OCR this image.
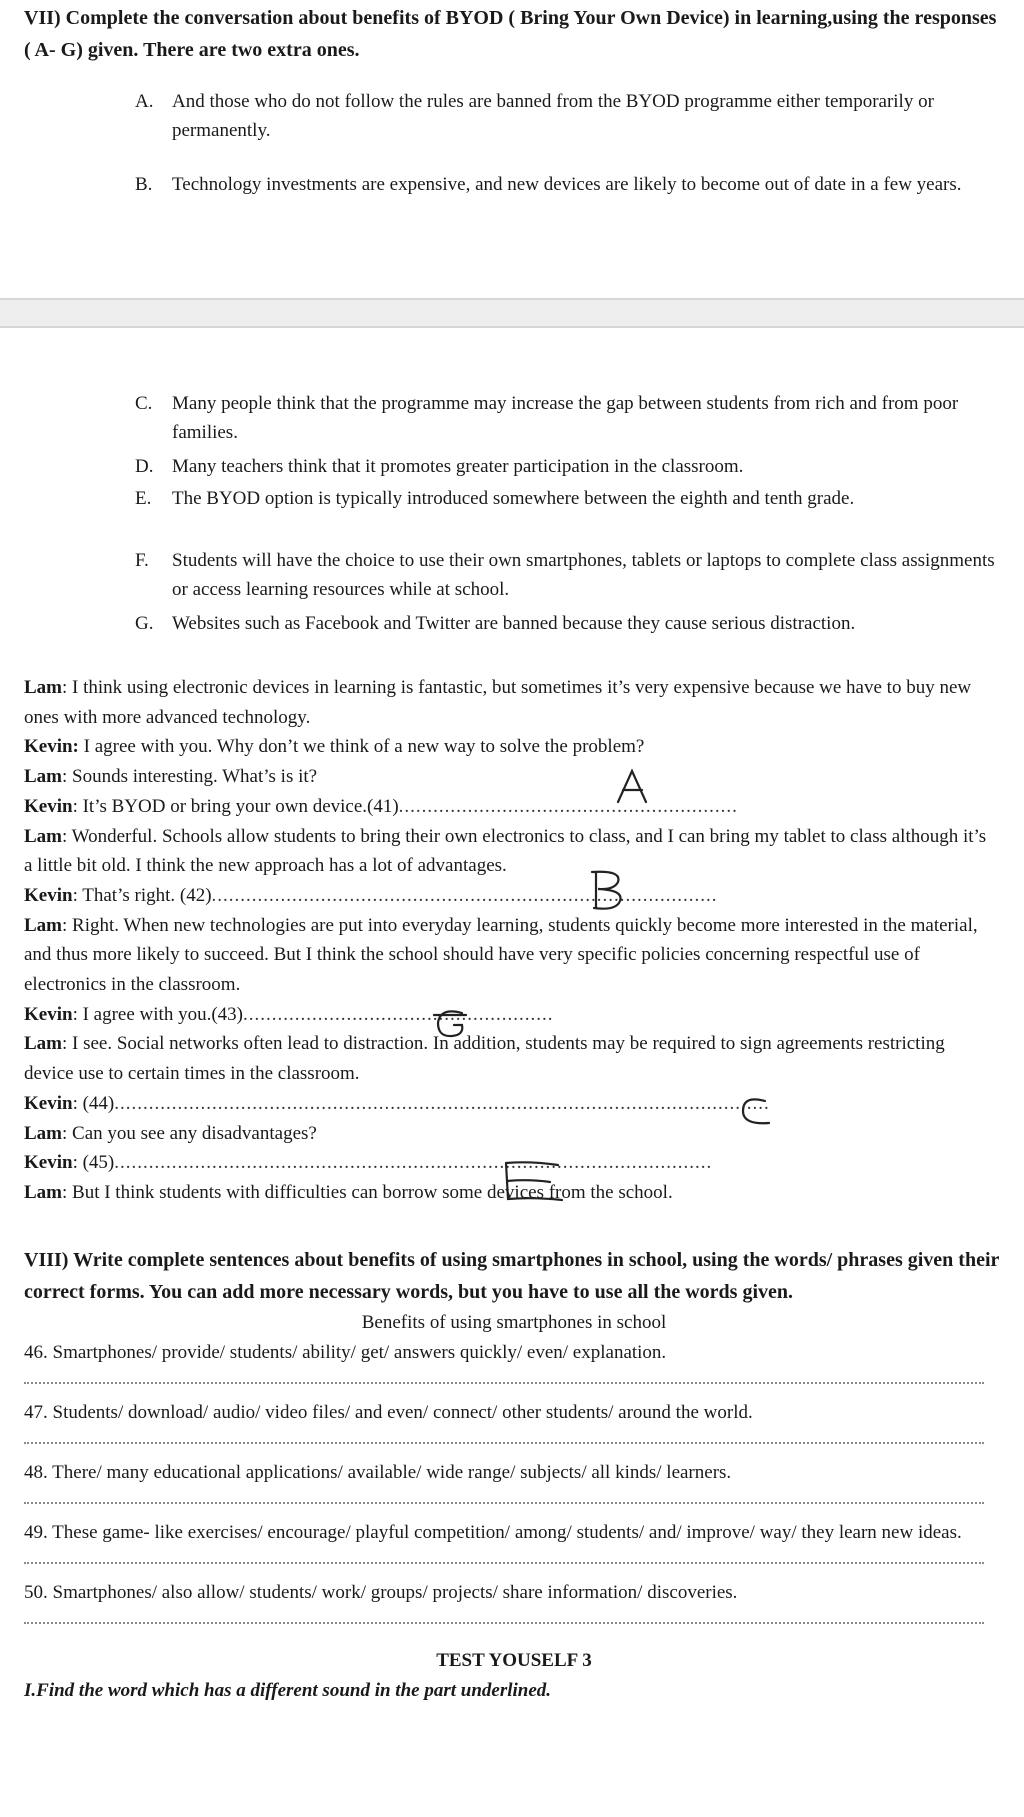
VII) Complete the conversation about benefits of BYOD ( Bring Your Own Device) in learning,using the responses ( A- G) given. There are two extra ones.
A. And those who do not follow the rules are banned from the BYOD programme either temporarily or permanently.
B. Technology investments are expensive, and new devices are likely to become out of date in a few years.
C. Many people think that the programme may increase the gap between students from rich and from poor families.
D. Many teachers think that it promotes greater participation in the classroom.
E. The BYOD option is typically introduced somewhere between the eighth and tenth grade.
F. Students will have the choice to use their own smartphones, tablets or laptops to complete class assignments or access learning resources while at school.
G. Websites such as Facebook and Twitter are banned because they cause serious distraction.
Lam: I think using electronic devices in learning is fantastic, but sometimes it’s very expensive because we have to buy new ones with more advanced technology.
Kevin: I agree with you. Why don’t we think of a new way to solve the problem?
Lam: Sounds interesting. What’s is it?
Kevin: It’s BYOD or bring your own device.(41)...........................................................
Lam: Wonderful. Schools allow students to bring their own electronics to class, and I can bring my tablet to class although it’s a little bit old. I think the new approach has a lot of advantages.
Kevin: That’s right. (42)........................................................................................
Lam: Right. When new technologies are put into everyday learning, students quickly become more interested in the material, and thus more likely to succeed. But I think the school should have very specific policies concerning respectful use of electronics in the classroom.
Kevin: I agree with you.(43)......................................................
Lam: I see. Social networks often lead to distraction. In addition, students may be required to sign agreements restricting device use to certain times in the classroom.
Kevin: (44)..................................................................................................................
Lam: Can you see any disadvantages?
Kevin: (45)........................................................................................................
Lam: But I think students with difficulties can borrow some devices from the school.
VIII) Write complete sentences about benefits of using smartphones in school, using the words/ phrases given their correct forms. You can add more necessary words, but you have to use all the words given.
Benefits of using smartphones in school
46. Smartphones/ provide/ students/ ability/ get/ answers quickly/ even/ explanation.
47. Students/ download/ audio/ video files/ and even/ connect/ other students/ around the world.
48. There/ many educational applications/ available/ wide range/ subjects/ all kinds/ learners.
49. These game- like exercises/ encourage/ playful competition/ among/ students/ and/ improve/ way/ they learn new ideas.
50. Smartphones/ also allow/ students/ work/ groups/ projects/ share information/ discoveries.
TEST YOUSELF 3
I.Find the word which has a different sound in the part underlined.
